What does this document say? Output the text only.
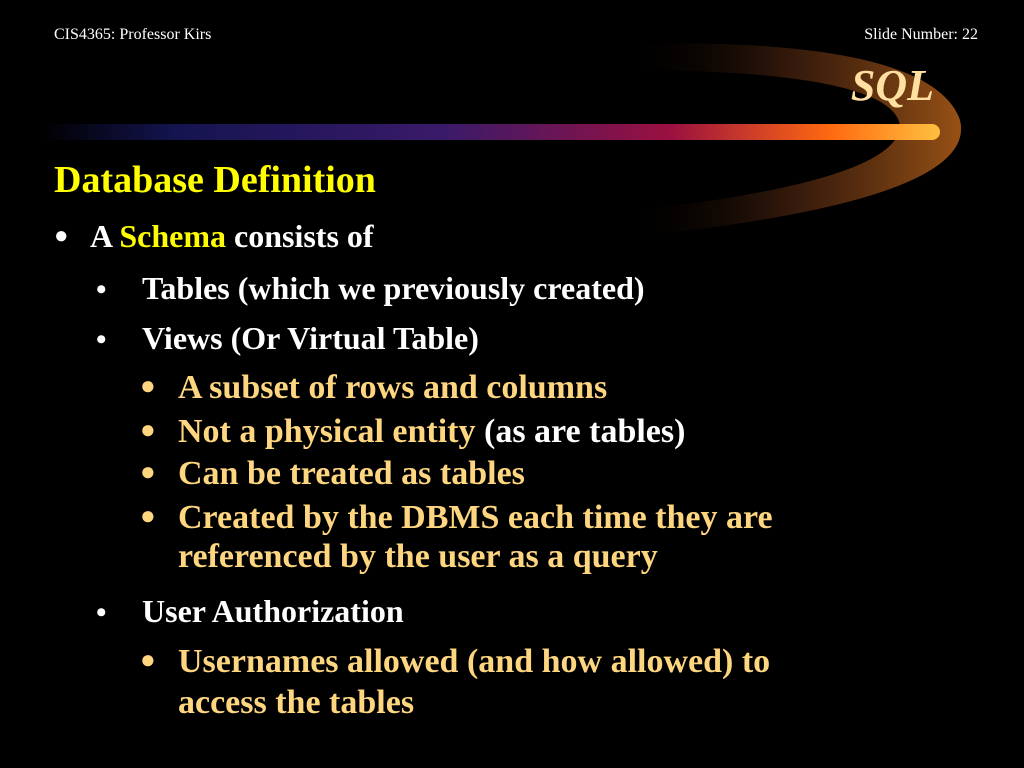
CIS4365: Professor Kirs	Slide Number: 22
SQL
Database Definition
● A Schema consists of
• Tables (which we previously created)
• Views (Or Virtual Table)
● A subset of rows and columns
● Not a physical entity (as are tables)
● Can be treated as tables
● Created by the DBMS each time they are
referenced by the user as a query
• User Authorization
● Usernames allowed (and how allowed) to
access the tables
